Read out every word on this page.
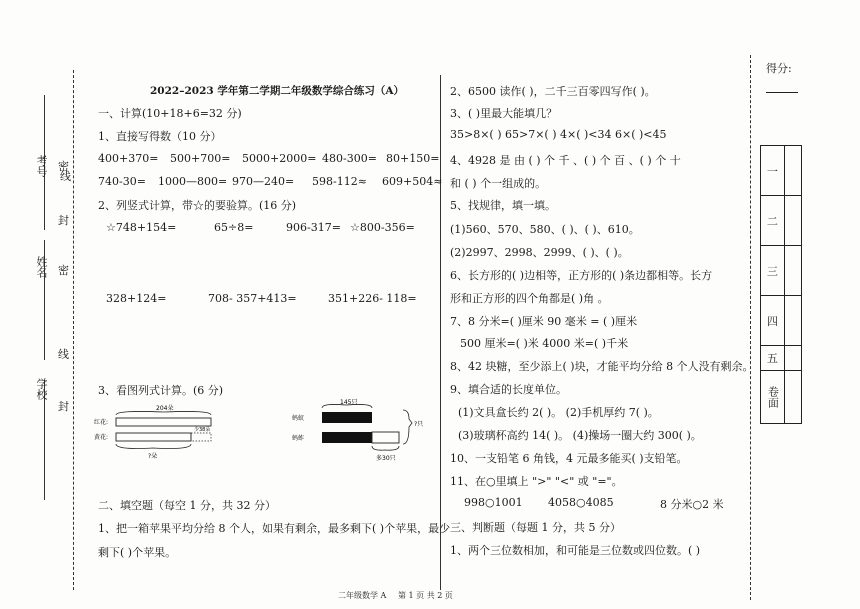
考号
姓名
学校
密
封
线
密
线
封
2022–2023 学年第二学期二年级数学综合练习（A）
一、计算(10+18+6=32 分)
1、直接写得数（10 分）
400+370= 500+700= 5000+2000= 480-300= 80+150=
740-30= 1000—800= 970—240= 598-112≈ 609+504≈
2、列竖式计算，带☆的要验算。(16 分)
☆748+154=	65÷8=	906-317= ☆800-356=
328+124=	708- 357+413=	351+226- 118=
3、看图列式计算。(6 分)
204朵
红花:
黄花:
少38朵
?朵
145只
蚂蚁
蚂蚱
?只
多30只
二、填空题（每空 1 分，共 32 分）
1、把一箱苹果平均分给 8 个人，如果有剩余，最多剩下( )个苹果，最少
剩下( )个苹果。
2、6500 读作( )，二千三百零四写作( )。
3、( )里最大能填几？
35>8×( ) 65>7×( ) 4×( )<34 6×( )<45
4、4928 是 由 ( ) 个 千 、( ) 个 百 、( ) 个 十
和 ( ) 个一组成的。
5、找规律，填一填。
(1)560、570、580、( )、( )、610。
(2)2997、2998、2999、( )、( )。
6、长方形的( )边相等，正方形的( )条边都相等。长方
形和正方形的四个角都是( )角 。
7、8 分米=( )厘米 90 毫米 = ( )厘米
500 厘米=( )米 4000 米=( )千米
8、42 块糖，至少添上( )块，才能平均分给 8 个人没有剩余。
9、填合适的长度单位。
(1)文具盒长约 2( )。 (2)手机厚约 7( )。
(3)玻璃杯高约 14( )。 (4)操场一圈大约 300( )。
10、一支铅笔 6 角钱，4 元最多能买( )支铅笔。
11、在○里填上 ">" "<" 或 "="。
998○1001 4058○4085	8 分米○2 米
三、判断题（每题 1 分，共 5 分）
1、两个三位数相加，和可能是三位数或四位数。( )
得分:
一	
二	
三	
四	
五	
卷面	
二年级数学 A 第 1 页 共 2 页
